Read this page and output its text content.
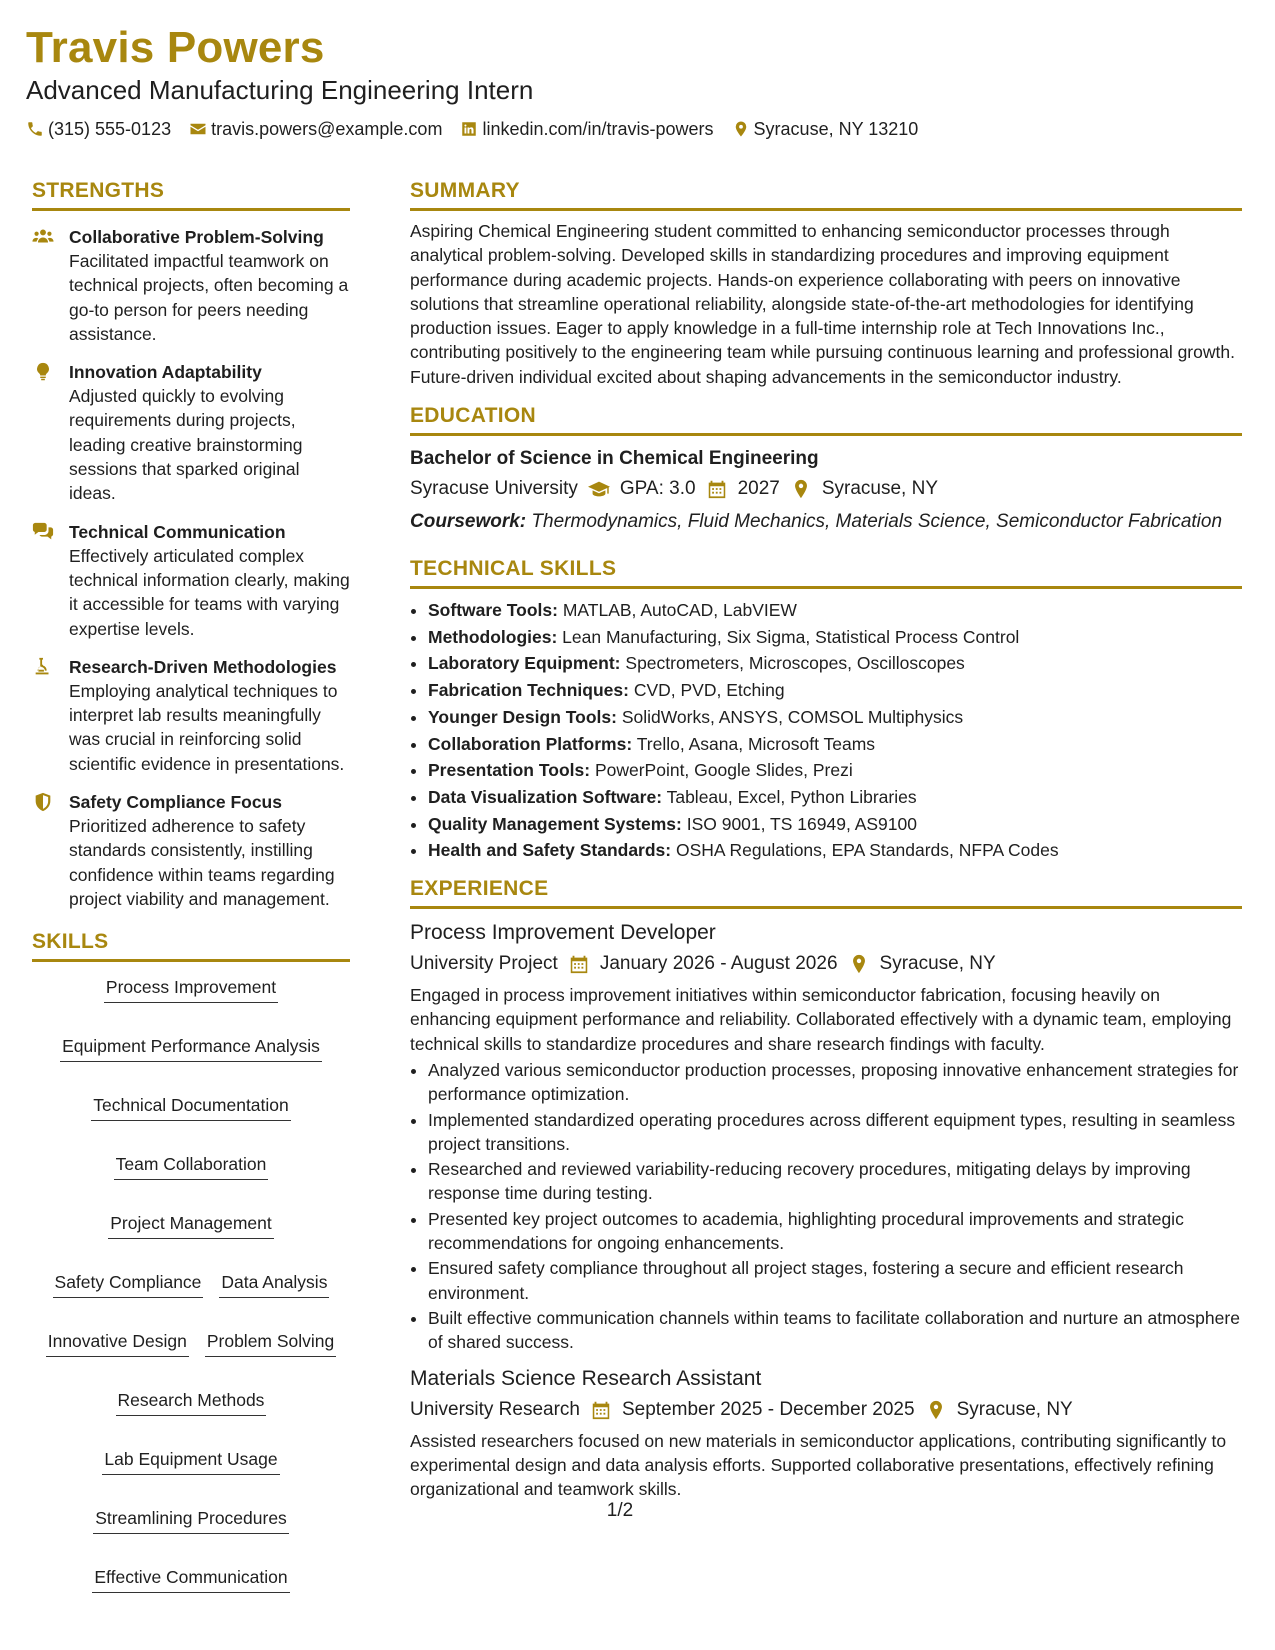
Travis Powers
Advanced Manufacturing Engineering Intern
(315) 555-0123 travis.powers@example.com linkedin.com/in/travis-powers Syracuse, NY 13210
STRENGTHS
Collaborative Problem-Solving
Facilitated impactful teamwork on technical projects, often becoming a go-to person for peers needing assistance.
Innovation Adaptability
Adjusted quickly to evolving requirements during projects, leading creative brainstorming sessions that sparked original ideas.
Technical Communication
Effectively articulated complex technical information clearly, making it accessible for teams with varying expertise levels.
Research-Driven Methodologies
Employing analytical techniques to interpret lab results meaningfully was crucial in reinforcing solid scientific evidence in presentations.
Safety Compliance Focus
Prioritized adherence to safety standards consistently, instilling confidence within teams regarding project viability and management.
SKILLS
Process Improvement
Equipment Performance Analysis
Technical Documentation
Team Collaboration
Project Management
Safety Compliance Data Analysis
Innovative Design Problem Solving
Research Methods
Lab Equipment Usage
Streamlining Procedures
Effective Communication
SUMMARY
Aspiring Chemical Engineering student committed to enhancing semiconductor processes through analytical problem-solving. Developed skills in standardizing procedures and improving equipment performance during academic projects. Hands-on experience collaborating with peers on innovative solutions that streamline operational reliability, alongside state-of-the-art methodologies for identifying production issues. Eager to apply knowledge in a full-time internship role at Tech Innovations Inc., contributing positively to the engineering team while pursuing continuous learning and professional growth. Future-driven individual excited about shaping advancements in the semiconductor industry.
EDUCATION
Bachelor of Science in Chemical Engineering
Syracuse University GPA: 3.0 2027 Syracuse, NY
Coursework: Thermodynamics, Fluid Mechanics, Materials Science, Semiconductor Fabrication
TECHNICAL SKILLS
• Software Tools: MATLAB, AutoCAD, LabVIEW
• Methodologies: Lean Manufacturing, Six Sigma, Statistical Process Control
• Laboratory Equipment: Spectrometers, Microscopes, Oscilloscopes
• Fabrication Techniques: CVD, PVD, Etching
• Younger Design Tools: SolidWorks, ANSYS, COMSOL Multiphysics
• Collaboration Platforms: Trello, Asana, Microsoft Teams
• Presentation Tools: PowerPoint, Google Slides, Prezi
• Data Visualization Software: Tableau, Excel, Python Libraries
• Quality Management Systems: ISO 9001, TS 16949, AS9100
• Health and Safety Standards: OSHA Regulations, EPA Standards, NFPA Codes
EXPERIENCE
Process Improvement Developer
University Project January 2026 - August 2026 Syracuse, NY
Engaged in process improvement initiatives within semiconductor fabrication, focusing heavily on enhancing equipment performance and reliability. Collaborated effectively with a dynamic team, employing technical skills to standardize procedures and share research findings with faculty.
• Analyzed various semiconductor production processes, proposing innovative enhancement strategies for performance optimization.
• Implemented standardized operating procedures across different equipment types, resulting in seamless project transitions.
• Researched and reviewed variability-reducing recovery procedures, mitigating delays by improving response time during testing.
• Presented key project outcomes to academia, highlighting procedural improvements and strategic recommendations for ongoing enhancements.
• Ensured safety compliance throughout all project stages, fostering a secure and efficient research environment.
• Built effective communication channels within teams to facilitate collaboration and nurture an atmosphere of shared success.
Materials Science Research Assistant
University Research September 2025 - December 2025 Syracuse, NY
Assisted researchers focused on new materials in semiconductor applications, contributing significantly to experimental design and data analysis efforts. Supported collaborative presentations, effectively refining organizational and teamwork skills.
1/2
